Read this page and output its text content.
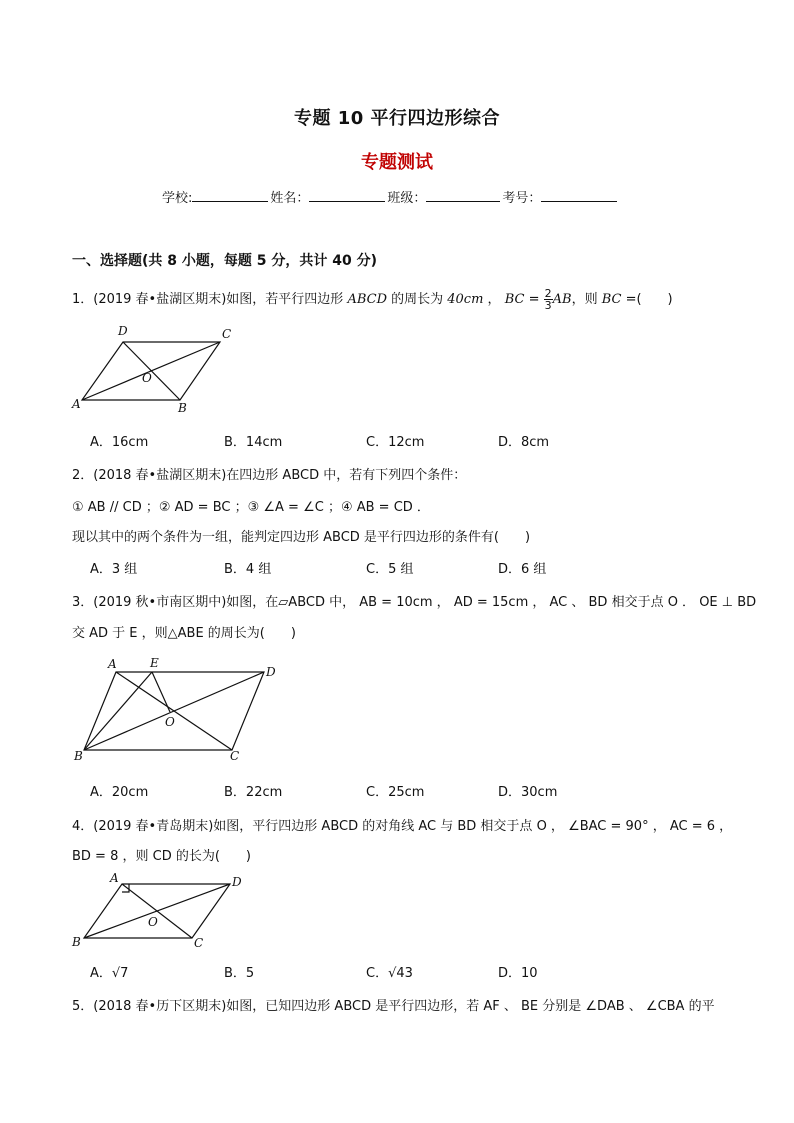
专题 10 平行四边形综合
专题测试
学校:	姓名：	班级：	考号：
一、选择题(共 8 小题，每题 5 分，共计 40 分)
1．(2019 春•盐湖区期末)如图，若平行四边形 ABCD 的周长为 40cm ， BC = $\frac{2}{3}$ AB，则 BC =(　　)
D	C
O
A	B
A．16cm	B．14cm	C．12cm	D．8cm
2．(2018 春•盐湖区期末)在四边形 ABCD 中，若有下列四个条件：
① AB // CD ；② AD = BC ；③ ∠A = ∠C ；④ AB = CD ．
现以其中的两个条件为一组，能判定四边形 ABCD 是平行四边形的条件有(　　)
A．3 组	B．4 组	C．5 组	D．6 组
3．(2019 秋•市南区期中)如图，在▱ABCD 中， AB = 10cm ， AD = 15cm ， AC 、 BD 相交于点 O ． OE ⊥ BD
交 AD 于 E ，则△ABE 的周长为(　　)
A	E
D
O
B	C
A．20cm	B．22cm	C．25cm	D．30cm
4．(2019 春•青岛期末)如图，平行四边形 ABCD 的对角线 AC 与 BD 相交于点 O ， ∠BAC = 90° ， AC = 6 ，
BD = 8 ，则 CD 的长为(　　)
A	D
O
B	C
A．√7	B．5	C．√43	D．10
5．(2018 春•历下区期末)如图，已知四边形 ABCD 是平行四边形，若 AF 、 BE 分别是 ∠DAB 、 ∠CBA 的平
